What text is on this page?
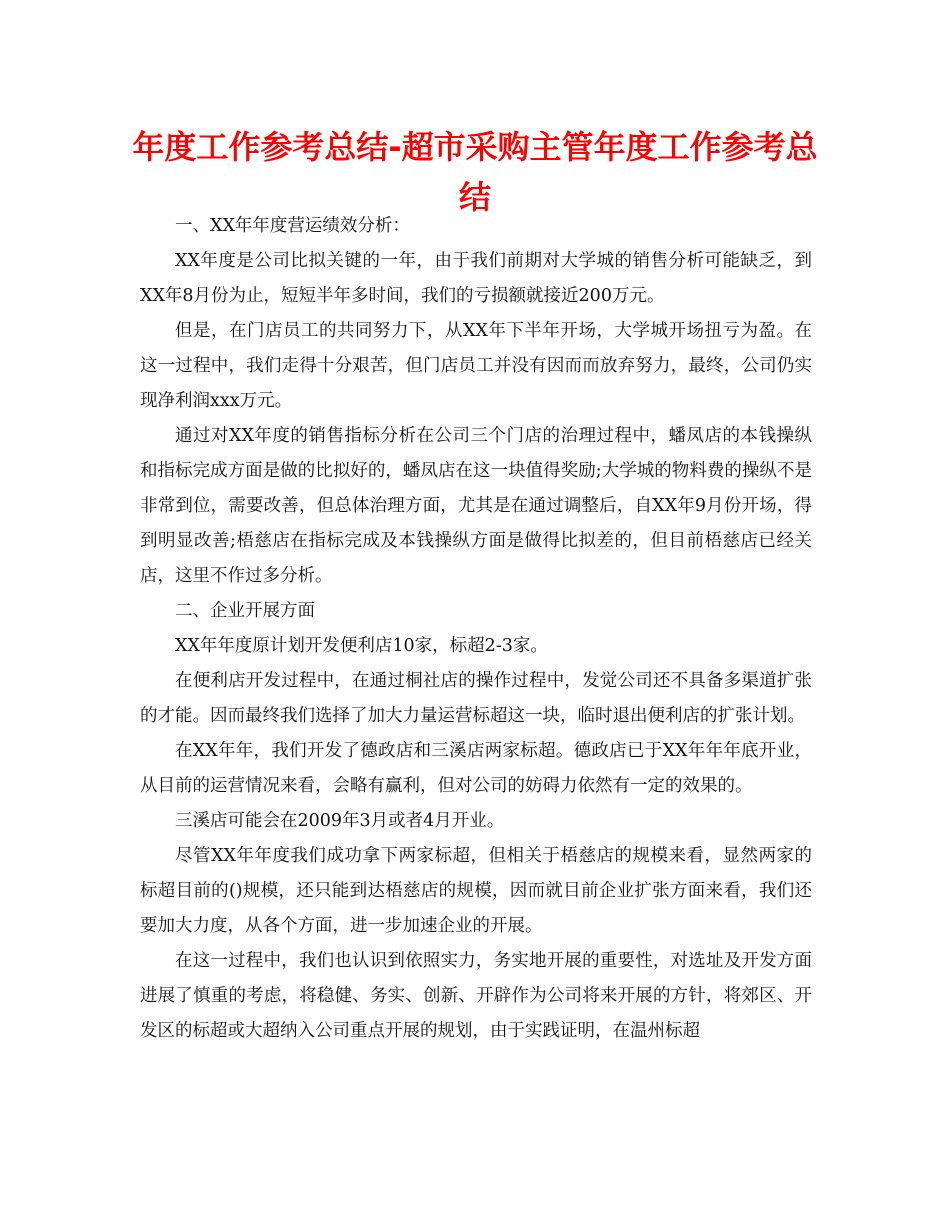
年度工作参考总结-超市采购主管年度工作参考总结

一、XX年年度营运绩效分析：

XX年度是公司比拟关键的一年，由于我们前期对大学城的销售分析可能缺乏，到XX年8月份为止，短短半年多时间，我们的亏损额就接近200万元。

但是，在门店员工的共同努力下，从XX年下半年开场，大学城开场扭亏为盈。在这一过程中，我们走得十分艰苦，但门店员工并没有因而而放弃努力，最终，公司仍实现净利润xxx万元。

通过对XX年度的销售指标分析在公司三个门店的治理过程中，蟠凤店的本钱操纵和指标完成方面是做的比拟好的，蟠凤店在这一块值得奖励;大学城的物料费的操纵不是非常到位，需要改善，但总体治理方面，尤其是在通过调整后，自XX年9月份开场，得到明显改善;梧慈店在指标完成及本钱操纵方面是做得比拟差的，但目前梧慈店已经关店，这里不作过多分析。

二、企业开展方面

XX年年度原计划开发便利店10家，标超2-3家。

在便利店开发过程中，在通过桐社店的操作过程中，发觉公司还不具备多渠道扩张的才能。因而最终我们选择了加大力量运营标超这一块，临时退出便利店的扩张计划。

在XX年年，我们开发了德政店和三溪店两家标超。德政店已于XX年年年底开业，从目前的运营情况来看，会略有赢利，但对公司的妨碍力依然有一定的效果的。

三溪店可能会在2009年3月或者4月开业。

尽管XX年年度我们成功拿下两家标超，但相关于梧慈店的规模来看，显然两家的标超目前的()规模，还只能到达梧慈店的规模，因而就目前企业扩张方面来看，我们还要加大力度，从各个方面，进一步加速企业的开展。

在这一过程中，我们也认识到依照实力，务实地开展的重要性，对选址及开发方面进展了慎重的考虑，将稳健、务实、创新、开辟作为公司将来开展的方针，将郊区、开发区的标超或大超纳入公司重点开展的规划，由于实践证明，在温州标超
